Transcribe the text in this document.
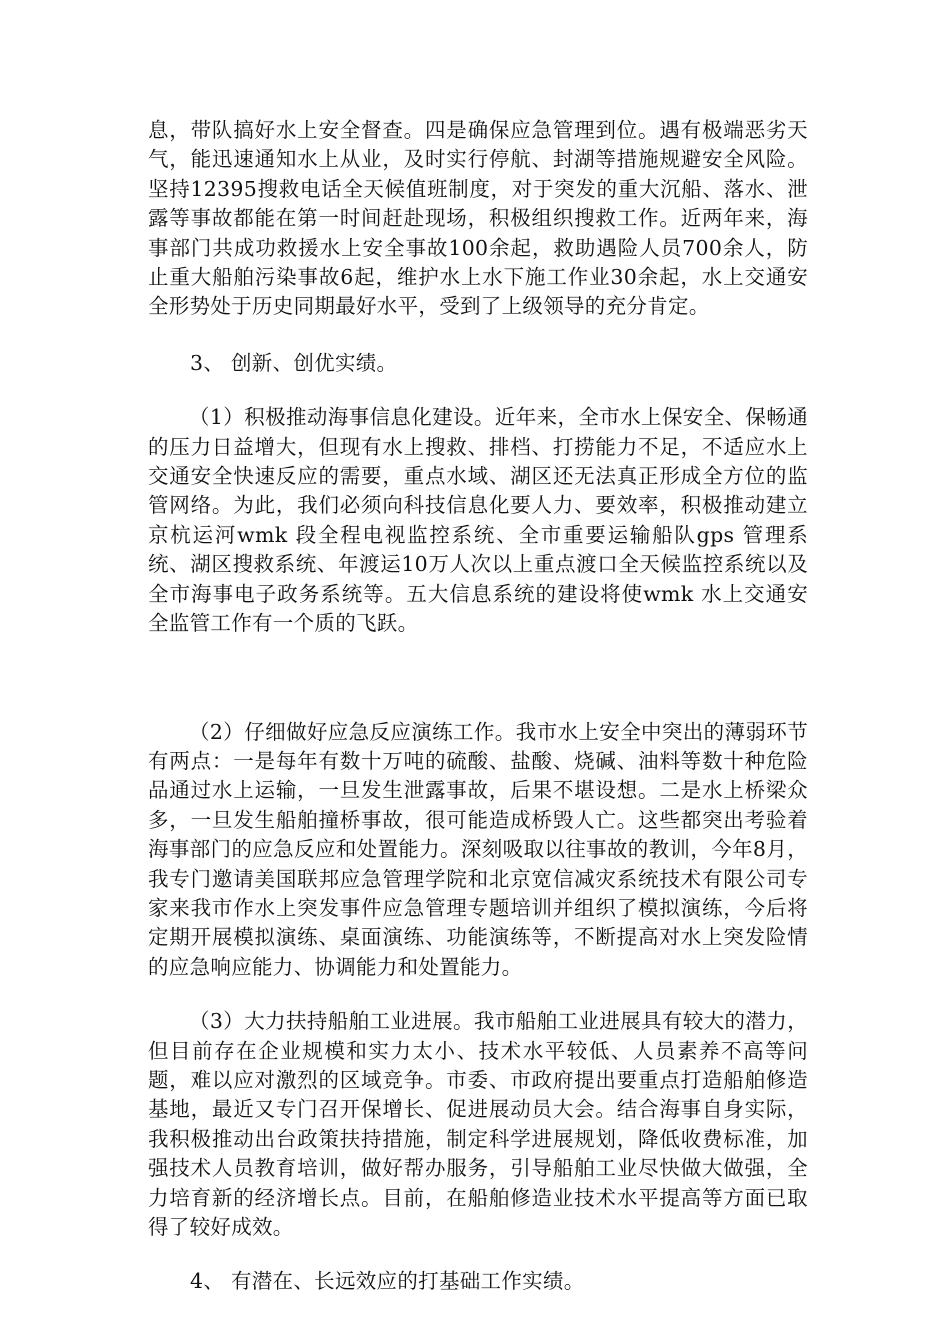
息，带队搞好水上安全督查。四是确保应急管理到位。遇有极端恶劣天气，能迅速通知水上从业，及时实行停航、封湖等措施规避安全风险。坚持12395搜救电话全天候值班制度，对于突发的重大沉船、落水、泄露等事故都能在第一时间赶赴现场，积极组织搜救工作。近两年来，海事部门共成功救援水上安全事故100余起，救助遇险人员700余人，防止重大船舶污染事故6起，维护水上水下施工作业30余起，水上交通安全形势处于历史同期最好水平，受到了上级领导的充分肯定。

3、 创新、创优实绩。

（1）积极推动海事信息化建设。近年来，全市水上保安全、保畅通的压力日益增大，但现有水上搜救、排档、打捞能力不足，不适应水上交通安全快速反应的需要，重点水域、湖区还无法真正形成全方位的监管网络。为此，我们必须向科技信息化要人力、要效率，积极推动建立京杭运河wmk 段全程电视监控系统、全市重要运输船队gps 管理系统、湖区搜救系统、年渡运10万人次以上重点渡口全天候监控系统以及全市海事电子政务系统等。五大信息系统的建设将使wmk 水上交通安全监管工作有一个质的飞跃。

（2）仔细做好应急反应演练工作。我市水上安全中突出的薄弱环节有两点：一是每年有数十万吨的硫酸、盐酸、烧碱、油料等数十种危险品通过水上运输，一旦发生泄露事故，后果不堪设想。二是水上桥梁众多，一旦发生船舶撞桥事故，很可能造成桥毁人亡。这些都突出考验着海事部门的应急反应和处置能力。深刻吸取以往事故的教训，今年8月，我专门邀请美国联邦应急管理学院和北京宽信减灾系统技术有限公司专家来我市作水上突发事件应急管理专题培训并组织了模拟演练，今后将定期开展模拟演练、桌面演练、功能演练等，不断提高对水上突发险情的应急响应能力、协调能力和处置能力。

（3）大力扶持船舶工业进展。我市船舶工业进展具有较大的潜力，但目前存在企业规模和实力太小、技术水平较低、人员素养不高等问题，难以应对激烈的区域竞争。市委、市政府提出要重点打造船舶修造基地，最近又专门召开保增长、促进展动员大会。结合海事自身实际，我积极推动出台政策扶持措施，制定科学进展规划，降低收费标准，加强技术人员教育培训，做好帮办服务，引导船舶工业尽快做大做强，全力培育新的经济增长点。目前，在船舶修造业技术水平提高等方面已取得了较好成效。

4、 有潜在、长远效应的打基础工作实绩。
